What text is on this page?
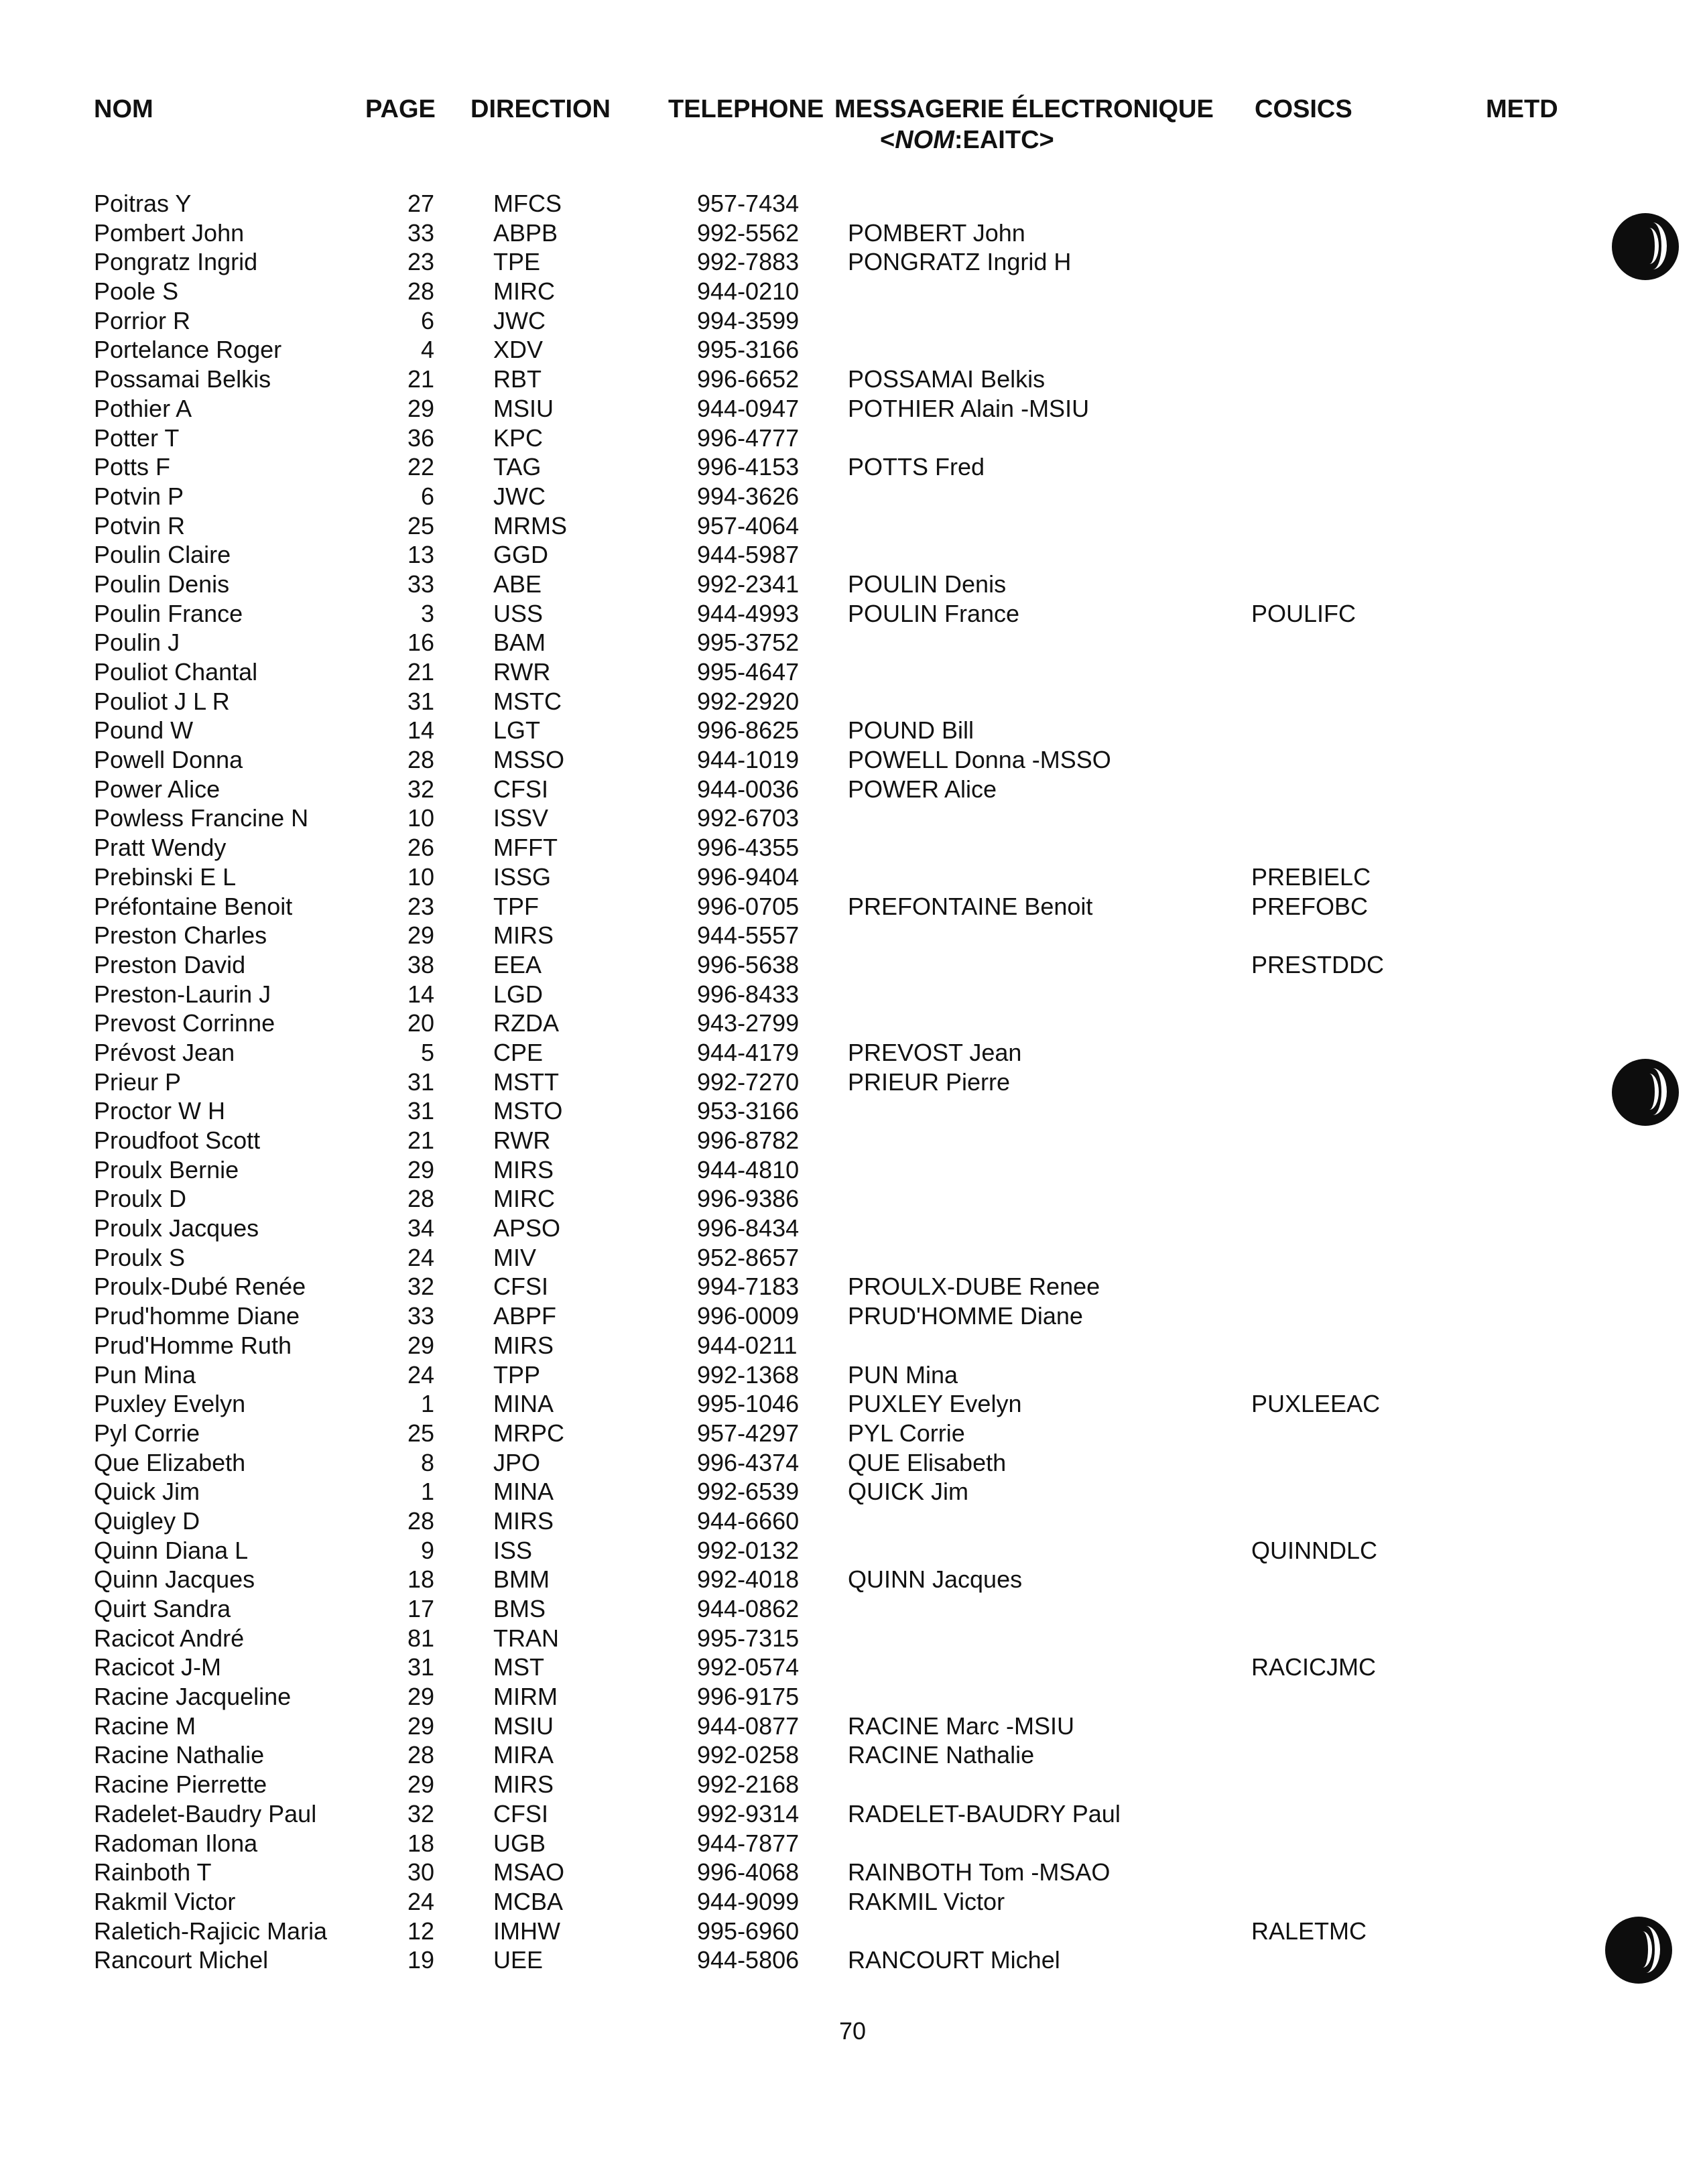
NOM	PAGE DIRECTION TELEPHONE MESSAGERIE ÉLECTRONIQUE
<NOM:EAITC>
COSICS	METD
Poitras Y	27 MFCS	957-7434
Pombert John	33 ABPB	992-5562 POMBERT John
Pongratz Ingrid	23 TPE	992-7883 PONGRATZ Ingrid H
Poole S	28 MIRC	944-0210
Porrior R	6 JWC	994-3599
Portelance Roger	4 XDV	995-3166
Possamai Belkis	21 RBT	996-6652 POSSAMAI Belkis
Pothier A	29 MSIU	944-0947 POTHIER Alain -MSIU
Potter T	36 KPC	996-4777
Potts F	22 TAG	996-4153 POTTS Fred
Potvin P	6 JWC	994-3626
Potvin R	25 MRMS	957-4064
Poulin Claire	13 GGD	944-5987
Poulin Denis	33 ABE	992-2341 POULIN Denis
Poulin France	3 USS	944-4993 POULIN France	POULIFC
Poulin J	16 BAM	995-3752
Pouliot Chantal	21 RWR	995-4647
Pouliot J L R	31 MSTC	992-2920
Pound W	14 LGT	996-8625 POUND Bill
Powell Donna	28 MSSO	944-1019 POWELL Donna -MSSO
Power Alice	32 CFSI	944-0036 POWER Alice
Powless Francine N	10 ISSV	992-6703
Pratt Wendy	26 MFFT	996-4355
Prebinski E L	10 ISSG	996-9404	PREBIELC
Préfontaine Benoit	23 TPF	996-0705 PREFONTAINE Benoit	PREFOBC
Preston Charles	29 MIRS	944-5557
Preston David	38 EEA	996-5638	PRESTDDC
Preston-Laurin J	14 LGD	996-8433
Prevost Corrinne	20 RZDA	943-2799
Prévost Jean	5 CPE	944-4179 PREVOST Jean
Prieur P	31 MSTT	992-7270 PRIEUR Pierre
Proctor W H	31 MSTO	953-3166
Proudfoot Scott	21 RWR	996-8782
Proulx Bernie	29 MIRS	944-4810
Proulx D	28 MIRC	996-9386
Proulx Jacques	34 APSO	996-8434
Proulx S	24 MIV	952-8657
Proulx-Dubé Renée	32 CFSI	994-7183 PROULX-DUBE Renee
Prud'homme Diane	33 ABPF	996-0009 PRUD'HOMME Diane
Prud'Homme Ruth	29 MIRS	944-0211
Pun Mina	24 TPP	992-1368 PUN Mina
Puxley Evelyn	1 MINA	995-1046 PUXLEY Evelyn	PUXLEEAC
Pyl Corrie	25 MRPC	957-4297 PYL Corrie
Que Elizabeth	8 JPO	996-4374 QUE Elisabeth
Quick Jim	1 MINA	992-6539 QUICK Jim
Quigley D	28 MIRS	944-6660
Quinn Diana L	9 ISS	992-0132	QUINNDLC
Quinn Jacques	18 BMM	992-4018 QUINN Jacques
Quirt Sandra	17 BMS	944-0862
Racicot André	81 TRAN	995-7315
Racicot J-M	31 MST	992-0574	RACICJMC
Racine Jacqueline	29 MIRM	996-9175
Racine M	29 MSIU	944-0877 RACINE Marc -MSIU
Racine Nathalie	28 MIRA	992-0258 RACINE Nathalie
Racine Pierrette	29 MIRS	992-2168
Radelet-Baudry Paul	32 CFSI	992-9314 RADELET-BAUDRY Paul
Radoman Ilona	18 UGB	944-7877
Rainboth T	30 MSAO	996-4068 RAINBOTH Tom -MSAO
Rakmil Victor	24 MCBA	944-9099 RAKMIL Victor
Raletich-Rajicic Maria	12 IMHW	995-6960	RALETMC
Rancourt Michel	19 UEE	944-5806 RANCOURT Michel
70
